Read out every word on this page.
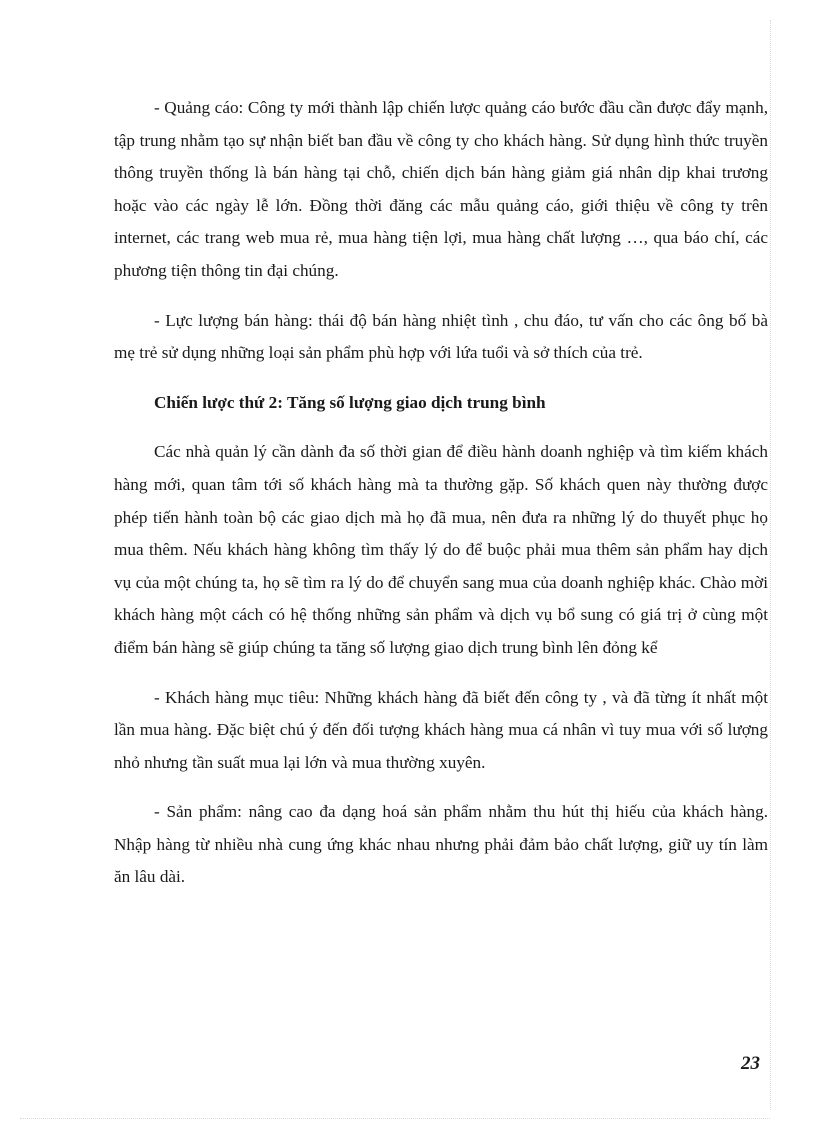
- Quảng cáo: Công ty mới thành lập chiến lược quảng cáo bước đầu cần được đẩy mạnh, tập trung nhằm tạo sự nhận biết ban đầu về công ty cho khách hàng. Sử dụng hình thức truyền thông truyền thống là bán hàng tại chỗ, chiến dịch bán hàng giảm giá nhân dịp khai trương hoặc vào các ngày lễ lớn. Đồng thời đăng các mẫu quảng cáo, giới thiệu về công ty trên internet, các trang web mua rẻ, mua hàng tiện lợi, mua hàng chất lượng …, qua báo chí, các phương tiện thông tin đại chúng.

- Lực lượng bán hàng: thái độ bán hàng nhiệt tình , chu đáo, tư vấn cho các ông bố bà mẹ trẻ sử dụng những loại sản phẩm phù hợp với lứa tuổi và sở thích của trẻ.

Chiến lược thứ 2: Tăng số lượng giao dịch trung bình

Các nhà quản lý cần dành đa số thời gian để điều hành doanh nghiệp và tìm kiếm khách hàng mới, quan tâm tới số khách hàng mà ta thường gặp. Số khách quen này thường được phép tiến hành toàn bộ các giao dịch mà họ đã mua, nên đưa ra những lý do thuyết phục họ mua thêm. Nếu khách hàng không tìm thấy lý do để buộc phải mua thêm sản phẩm hay dịch vụ của một chúng ta, họ sẽ tìm ra lý do để chuyển sang mua của doanh nghiệp khác. Chào mời khách hàng một cách có hệ thống những sản phẩm và dịch vụ bổ sung có giá trị ở cùng một điểm bán hàng sẽ giúp chúng ta tăng số lượng giao dịch trung bình lên đỏng kể

- Khách hàng mục tiêu: Những khách hàng đã biết đến công ty , và đã từng ít nhất một lần mua hàng. Đặc biệt chú ý đến đối tượng khách hàng mua cá nhân vì tuy mua với số lượng nhỏ nhưng tần suất mua lại lớn và mua thường xuyên.

- Sản phẩm: nâng cao đa dạng hoá sản phẩm nhằm thu hút thị hiếu của khách hàng. Nhập hàng từ nhiều nhà cung ứng khác nhau nhưng phải đảm bảo chất lượng, giữ uy tín làm ăn lâu dài.

23
